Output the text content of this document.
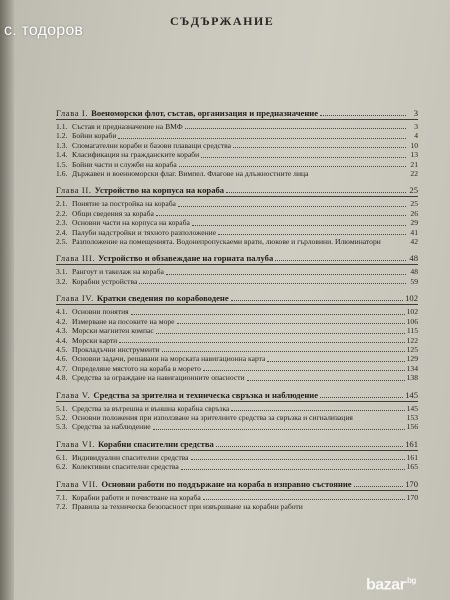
с. тодоров
СЪДЪРЖАНИЕ
Глава I. Военоморски флот, състав, организация и предназначение	3
1.1. Състав и предназначение на ВМФ	3
1.2. Бойни кораби	4
1.3. Спомагателни кораби и базови плаващи средства	10
1.4. Класификация на гражданските кораби	13
1.5. Бойни части и служби на кораба	21
1.6. Държавен и военноморски флаг. Вимпел. Флагове на длъжностните лица	22
Глава II. Устройство на корпуса на кораба	25
2.1. Понятие за постройка на кораба	25
2.2. Общи сведения за кораба	26
2.3. Основни части на корпуса на кораба	29
2.4. Палуби надстройки и тяхното разположение	41
2.5. Разположение на помещенията. Водонепропускаеми врати, люкове и гърловини. Илюминатори	42
Глава III. Устройство и обзавеждане на горната палуба	48
3.1. Рангоут и такелаж на кораба	48
3.2. Корабни устройства	59
Глава IV. Кратки сведения по корабоводене	102
4.1. Основни понятия	102
4.2. Измерване на посоките на море	106
4.3. Морски магнитен компас	115
4.4. Морски карти	122
4.5. Прокладъчни инструменти	125
4.6. Основни задачи, решавани на морската навигационна карта	129
4.7. Определяне мястото на кораба в морето	134
4.8. Средства за ограждане на навигационните опасности	138
Глава V. Средства за зрителна и техническа свръзка и наблюдение	145
5.1. Средства за вътрешна и външна корабна свръзка	145
5.2. Основни положения при използване на зрителните средства за свръзка и сигнализация	153
5.3. Средства за наблюдение	156
Глава VI. Корабни спасителни средства	161
6.1. Индивидуални спасителни средства	161
6.2. Колективни спасителни средства	165
Глава VII. Основни работи по поддържане на кораба в изправно състояние	170
7.1. Корабни работи и почистване на кораба	170
7.2. Правила за техническа безопасност при извършване на корабни работи
bazar$^{.bg}$
